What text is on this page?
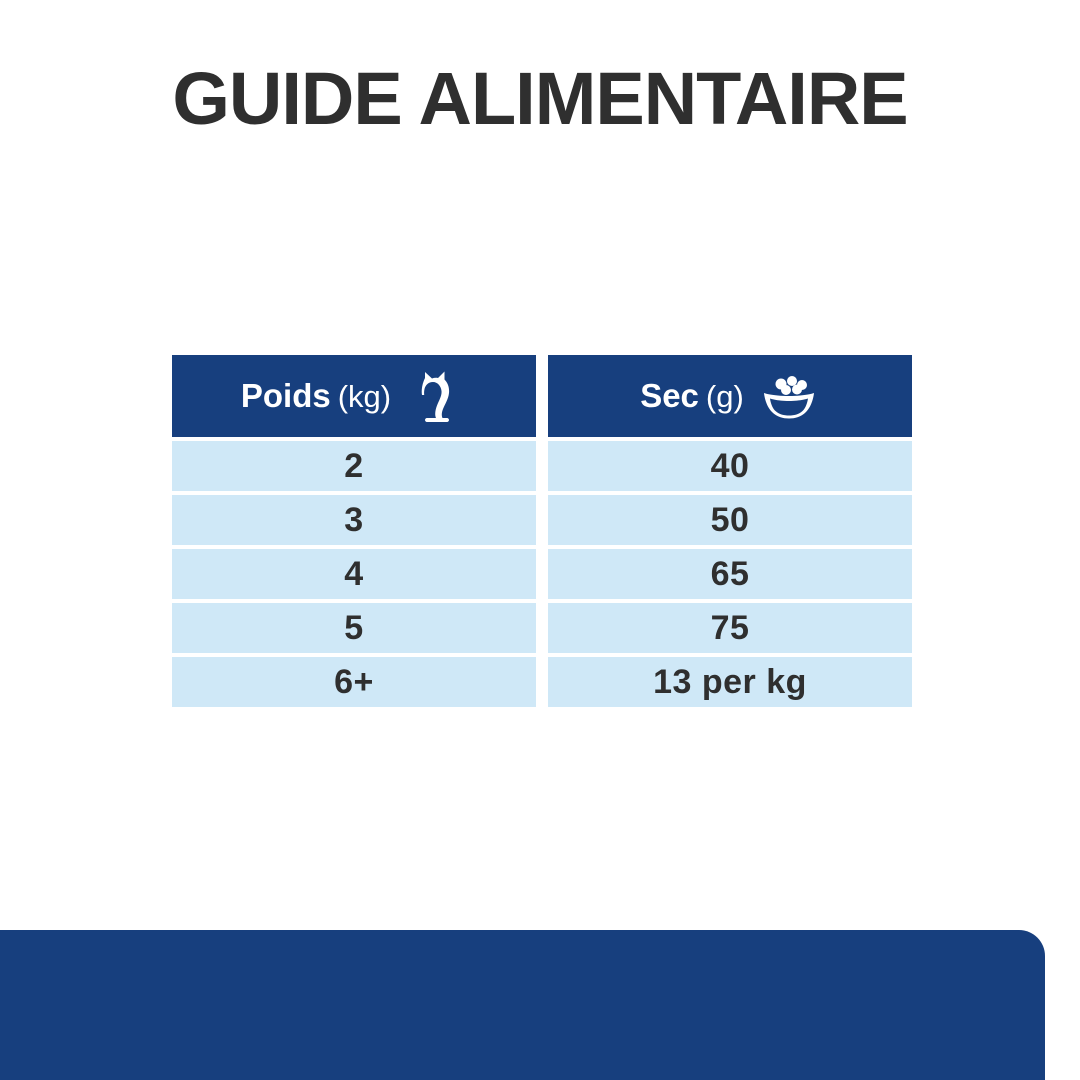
GUIDE ALIMENTAIRE
Poids (kg)
2
3
4
5
6+
Sec (g)
40
50
65
75
13 per kg
